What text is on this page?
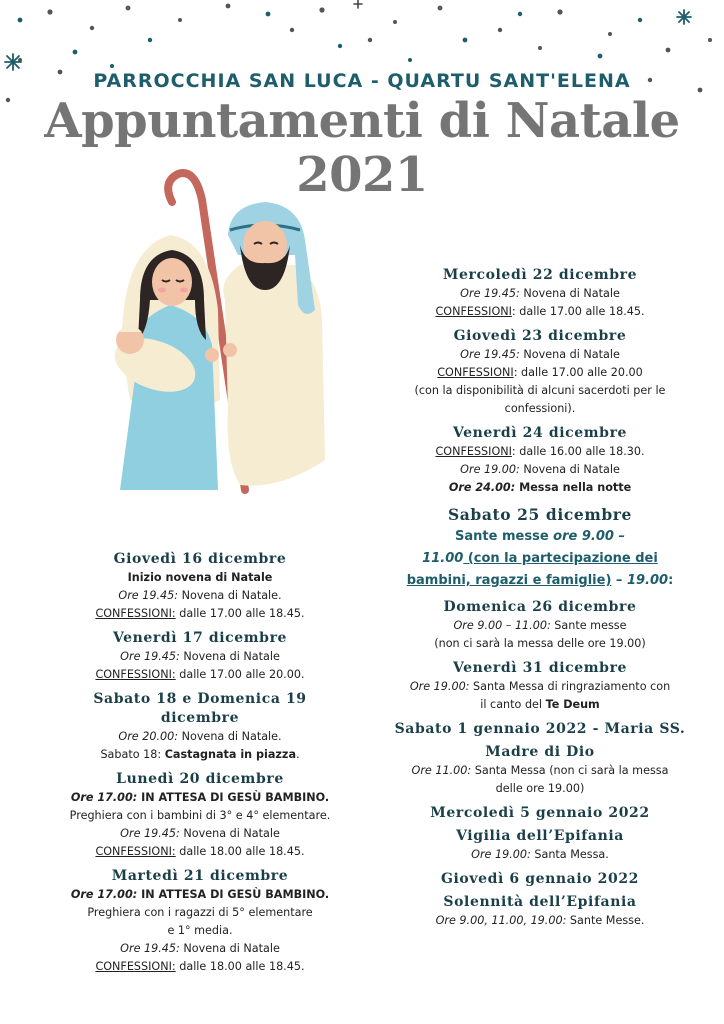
PARROCCHIA SAN LUCA - QUARTU SANT'ELENA
Appuntamenti di Natale
2021
Giovedì 16 dicembre
Inizio novena di Natale
Ore 19.45: Novena di Natale.
CONFESSIONI: dalle 17.00 alle 18.45.
Venerdì 17 dicembre
Ore 19.45: Novena di Natale
CONFESSIONI: dalle 17.00 alle 20.00.
Sabato 18 e Domenica 19 dicembre
Ore 20.00: Novena di Natale.
Sabato 18: Castagnata in piazza.
Lunedì 20 dicembre
Ore 17.00: IN ATTESA DI GESÙ BAMBINO.
Preghiera con i bambini di 3° e 4° elementare.
Ore 19.45: Novena di Natale
CONFESSIONI: dalle 18.00 alle 18.45.
Martedì 21 dicembre
Ore 17.00: IN ATTESA DI GESÙ BAMBINO.
Preghiera con i ragazzi di 5° elementare
e 1° media.
Ore 19.45: Novena di Natale
CONFESSIONI: dalle 18.00 alle 18.45.
Mercoledì 22 dicembre
Ore 19.45: Novena di Natale
CONFESSIONI: dalle 17.00 alle 18.45.
Giovedì 23 dicembre
Ore 19.45: Novena di Natale
CONFESSIONI: dalle 17.00 alle 20.00
(con la disponibilità di alcuni sacerdoti per le
confessioni).
Venerdì 24 dicembre
CONFESSIONI: dalle 16.00 alle 18.30.
Ore 19.00: Novena di Natale
Ore 24.00: Messa nella notte
Sabato 25 dicembre
Sante messe ore 9.00 –
11.00 (con la partecipazione dei
bambini, ragazzi e famiglie) – 19.00:
Domenica 26 dicembre
Ore 9.00 – 11.00: Sante messe
(non ci sarà la messa delle ore 19.00)
Venerdì 31 dicembre
Ore 19.00: Santa Messa di ringraziamento con
il canto del Te Deum
Sabato 1 gennaio 2022 - Maria SS.
Madre di Dio
Ore 11.00: Santa Messa (non ci sarà la messa
delle ore 19.00)
Mercoledì 5 gennaio 2022
Vigilia dell’Epifania
Ore 19.00: Santa Messa.
Giovedì 6 gennaio 2022
Solennità dell’Epifania
Ore 9.00, 11.00, 19.00: Sante Messe.
